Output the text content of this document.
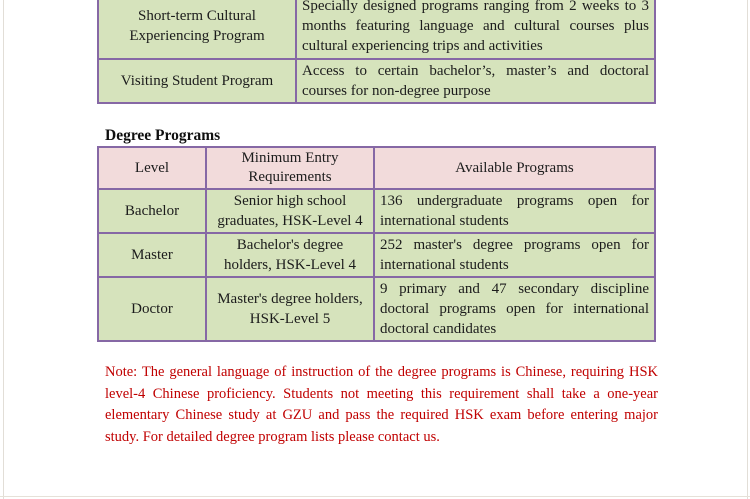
Short-term Cultural Experiencing Program	Specially designed programs ranging from 2 weeks to 3 months featuring language and cultural courses plus cultural experiencing trips and activities
Visiting Student Program	Access to certain bachelor’s, master’s and doctoral courses for non-degree purpose
Degree Programs
Level	Minimum Entry Requirements	Available Programs
Bachelor	Senior high school graduates, HSK-Level 4	136 undergraduate programs open for international students
Master	Bachelor's degree holders, HSK-Level 4	252 master's degree programs open for international students
Doctor	Master's degree holders, HSK-Level 5	9 primary and 47 secondary discipline doctoral programs open for international doctoral candidates
Note: The general language of instruction of the degree programs is Chinese, requiring HSK
level-4 Chinese proficiency. Students not meeting this requirement shall take a one-year
elementary Chinese study at GZU and pass the required HSK exam before entering major
study. For detailed degree program lists please contact us.
